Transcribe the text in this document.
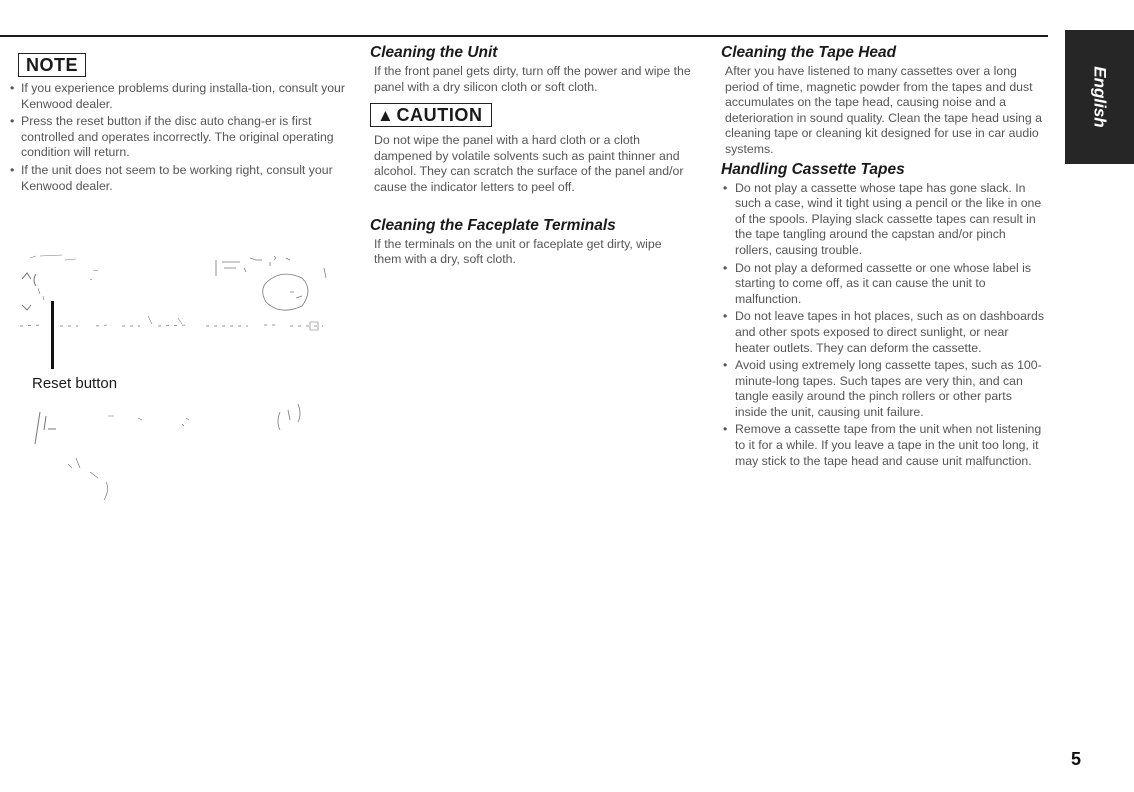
English
NOTE
• If you experience problems during installa-tion, consult your Kenwood dealer.
• Press the reset button if the disc auto chang-er is first controlled and operates incorrectly. The original operating condition will return.
• If the unit does not seem to be working right, consult your Kenwood dealer.
Reset button
Cleaning the Unit

If the front panel gets dirty, turn off the power and wipe the panel with a dry silicon cloth or soft cloth.

▲ CAUTION

Do not wipe the panel with a hard cloth or a cloth dampened by volatile solvents such as paint thinner and alcohol. They can scratch the surface of the panel and/or cause the indicator letters to peel off.

Cleaning the Faceplate Terminals

If the terminals on the unit or faceplate get dirty, wipe them with a dry, soft cloth.

Cleaning the Tape Head

After you have listened to many cassettes over a long period of time, magnetic powder from the tapes and dust accumulates on the tape head, causing noise and a deterioration in sound quality. Clean the tape head using a cleaning tape or cleaning kit designed for use in car audio systems.

Handling Cassette Tapes
• Do not play a cassette whose tape has gone slack. In such a case, wind it tight using a pencil or the like in one of the spools. Playing slack cassette tapes can result in the tape tangling around the capstan and/or pinch rollers, causing trouble.
• Do not play a deformed cassette or one whose label is starting to come off, as it can cause the unit to malfunction.
• Do not leave tapes in hot places, such as on dashboards and other spots exposed to direct sunlight, or near heater outlets. They can deform the cassette.
• Avoid using extremely long cassette tapes, such as 100-minute-long tapes. Such tapes are very thin, and can tangle easily around the pinch rollers or other parts inside the unit, causing unit failure.
• Remove a cassette tape from the unit when not listening to it for a while. If you leave a tape in the unit too long, it may stick to the tape head and cause unit malfunction.
5
